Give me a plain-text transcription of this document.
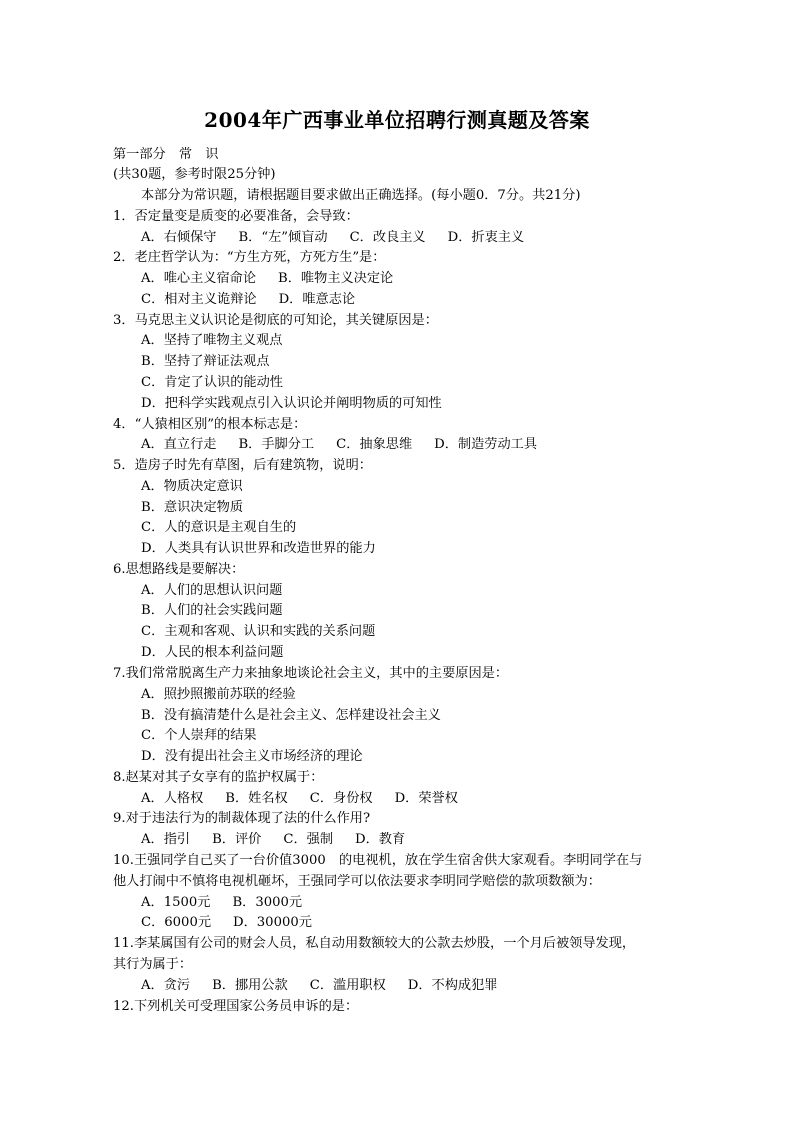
2004年广西事业单位招聘行测真题及答案
第一部分　常　识
(共30题，参考时限25分钟)
本部分为常识题，请根据题目要求做出正确选择。(每小题0．7分。共21分)
1．否定量变是质变的必要准备，会导致：
A．右倾保守 B．“左”倾盲动 C．改良主义 D．折衷主义
2．老庄哲学认为：“方生方死，方死方生”是：
A．唯心主义宿命论 B．唯物主义决定论
C．相对主义诡辩论 D．唯意志论
3．马克思主义认识论是彻底的可知论，其关键原因是：
A．坚持了唯物主义观点
B．坚持了辩证法观点
C．肯定了认识的能动性
D．把科学实践观点引入认识论并阐明物质的可知性
4．“人猿相区别”的根本标志是：
A．直立行走 B．手脚分工 C．抽象思维 D．制造劳动工具
5．造房子时先有草图，后有建筑物，说明：
A．物质决定意识
B．意识决定物质
C．人的意识是主观自生的
D．人类具有认识世界和改造世界的能力
6.思想路线是要解决：
A．人们的思想认识问题
B．人们的社会实践问题
C．主观和客观、认识和实践的关系问题
D．人民的根本利益问题
7.我们常常脱离生产力来抽象地谈论社会主义，其中的主要原因是：
A．照抄照搬前苏联的经验
B．没有搞清楚什么是社会主义、怎样建设社会主义
C．个人崇拜的结果
D．没有提出社会主义市场经济的理论
8.赵某对其子女享有的监护权属于：
A．人格权 B．姓名权 C．身份权 D．荣誉权
9.对于违法行为的制裁体现了法的什么作用?
A．指引 B．评价 C．强制 D．教育
10.王强同学自己买了一台价值3000　的电视机，放在学生宿舍供大家观看。李明同学在与
他人打闹中不慎将电视机砸坏，王强同学可以依法要求李明同学赔偿的款项数额为：
A．1500元 B．3000元
C．6000元 D．30000元
11.李某属国有公司的财会人员，私自动用数额较大的公款去炒股，一个月后被领导发现，
其行为属于：
A．贪污 B．挪用公款 C．滥用职权 D．不构成犯罪
12.下列机关可受理国家公务员申诉的是：
